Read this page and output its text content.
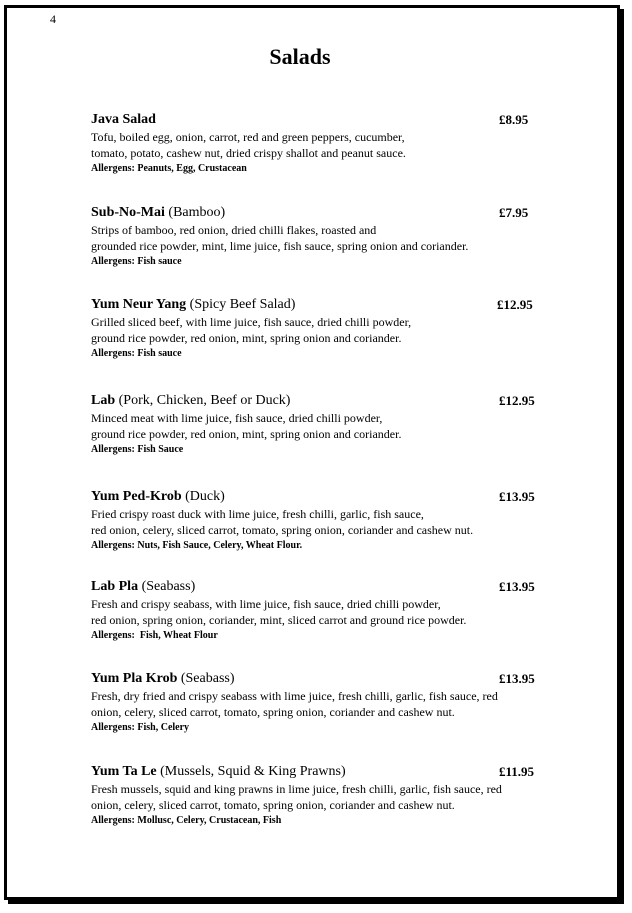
4
Salads
Java Salad	£8.95
Tofu, boiled egg, onion, carrot, red and green peppers, cucumber,
tomato, potato, cashew nut, dried crispy shallot and peanut sauce.
Allergens: Peanuts, Egg, Crustacean
Sub-No-Mai (Bamboo)	£7.95
Strips of bamboo, red onion, dried chilli flakes, roasted and
grounded rice powder, mint, lime juice, fish sauce, spring onion and coriander.
Allergens: Fish sauce
Yum Neur Yang (Spicy Beef Salad)	£12.95
Grilled sliced beef, with lime juice, fish sauce, dried chilli powder,
ground rice powder, red onion, mint, spring onion and coriander.
Allergens: Fish sauce
Lab (Pork, Chicken, Beef or Duck)	£12.95
Minced meat with lime juice, fish sauce, dried chilli powder,
ground rice powder, red onion, mint, spring onion and coriander.
Allergens: Fish Sauce
Yum Ped-Krob (Duck)	£13.95
Fried crispy roast duck with lime juice, fresh chilli, garlic, fish sauce,
red onion, celery, sliced carrot, tomato, spring onion, coriander and cashew nut.
Allergens: Nuts, Fish Sauce, Celery, Wheat Flour.
Lab Pla (Seabass)	£13.95
Fresh and crispy seabass, with lime juice, fish sauce, dried chilli powder,
red onion, spring onion, coriander, mint, sliced carrot and ground rice powder.
Allergens:  Fish, Wheat Flour
Yum Pla Krob (Seabass)	£13.95
Fresh, dry fried and crispy seabass with lime juice, fresh chilli, garlic, fish sauce, red
onion, celery, sliced carrot, tomato, spring onion, coriander and cashew nut.
Allergens: Fish, Celery
Yum Ta Le (Mussels, Squid & King Prawns)	£11.95
Fresh mussels, squid and king prawns in lime juice, fresh chilli, garlic, fish sauce, red
onion, celery, sliced carrot, tomato, spring onion, coriander and cashew nut.
Allergens: Mollusc, Celery, Crustacean, Fish
